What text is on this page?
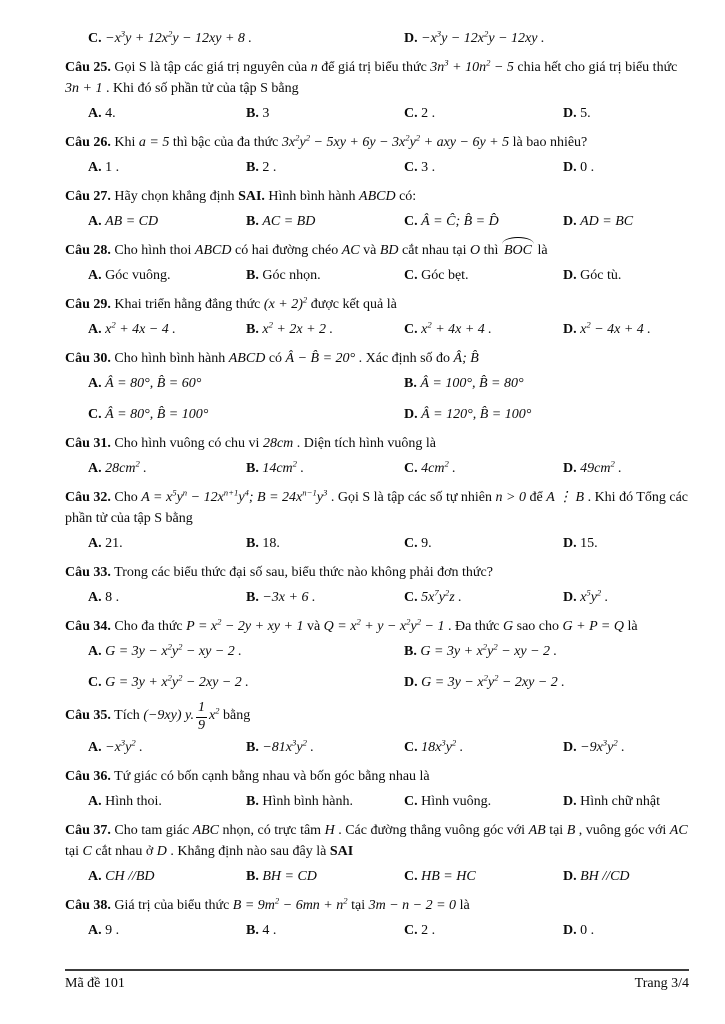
C. $-x^3y + 12x^2y - 12xy + 8$ .	D. $-x^3y - 12x^2y - 12xy$ .

Câu 25. Gọi S là tập các giá trị nguyên của n để giá trị biểu thức $3n^3 + 10n^2 - 5$ chia hết cho giá trị biểu thức 3n + 1 . Khi đó số phần tử của tập S bằng

A. 4.	B. 3	C. 2 .	D. 5.

Câu 26. Khi a = 5 thì bậc của đa thức $3x^2y^2 - 5xy + 6y - 3x^2y^2$ + axy − 6y + 5 là bao nhiêu?

A. 1 .	B. 2 .	C. 3 .	D. 0 .

Câu 27. Hãy chọn khẳng định SAI. Hình bình hành ABCD có:

A. AB = CD	B. AC = BD	C. Â = Ĉ; B̂ = D̂	D. AD = BC

Câu 28. Cho hình thoi ABCD có hai đường chéo AC và BD cắt nhau tại O thì BOC là

A. Góc vuông.	B. Góc nhọn.	C. Góc bẹt.	D. Góc tù.

Câu 29. Khai triển hằng đẳng thức $(x + 2)^2$ được kết quả là

A. $x^2 + 4x - 4$ .	B. $x^2 + 2x + 2$ .	C. $x^2 + 4x + 4$ .	D. $x^2 - 4x + 4$ .

Câu 30. Cho hình bình hành ABCD có Â − B̂ = 20° . Xác định số đo Â; B̂

A. Â = 80°, B̂ = 60°	B. Â = 100°, B̂ = 80°
C. Â = 80°, B̂ = 100°	D. Â = 120°, B̂ = 100°

Câu 31. Cho hình vuông có chu vi 28cm . Diện tích hình vuông là

A. $28cm^2$ .	B. $14cm^2$ .	C. $4cm^2$ .	D. $49cm^2$ .

Câu 32. Cho $A = x^5y^n - 12x^{n+1}y^4$; $B = 24x^{n-1}y^3$ . Gọi S là tập các số tự nhiên n > 0 để A ⋮ B . Khi đó Tổng các phần tử của tập S bằng

A. 21.	B. 18.	C. 9.	D. 15.

Câu 33. Trong các biểu thức đại số sau, biểu thức nào không phải đơn thức?

A. 8 .	B. −3x + 6 .	C. $5x^7y^2z$ .	D. $x^5y^2$ .

Câu 34. Cho đa thức $P = x^2 - 2y$ + xy + 1 và $Q = x^2 + y - x^2y^2 - 1$ . Đa thức G sao cho G + P = Q là

A. $G = 3y - x^2y^2$ − xy − 2 .	B. $G = 3y + x^2y^2$ − xy − 2 .
C. $G = 3y + x^2y^2 - 2xy - 2$ .	D. $G = 3y - x^2y^2 - 2xy - 2$ .

Câu 35. Tích (−9xy) y. $\frac{1}{9} x^2$ bằng

A. $-x^3y^2$ .	B. $-81x^3y^2$ .	C. $18x^3y^2$ .	D. $-9x^3y^2$ .

Câu 36. Tứ giác có bốn cạnh bằng nhau và bốn góc bằng nhau là

A. Hình thoi.	B. Hình bình hành.	C. Hình vuông.	D. Hình chữ nhật

Câu 37. Cho tam giác ABC nhọn, có trực tâm H . Các đường thẳng vuông góc với AB tại B , vuông góc với AC tại C cắt nhau ở D . Khẳng định nào sau đây là SAI

A. CH //BD	B. BH = CD	C. HB = HC	D. BH //CD

Câu 38. Giá trị của biểu thức $B = 9m^2 - 6mn + n^2$ tại 3m − n − 2 = 0 là

A. 9 .	B. 4 .	C. 2 .	D. 0 .
Mã đề 101	Trang 3/4
